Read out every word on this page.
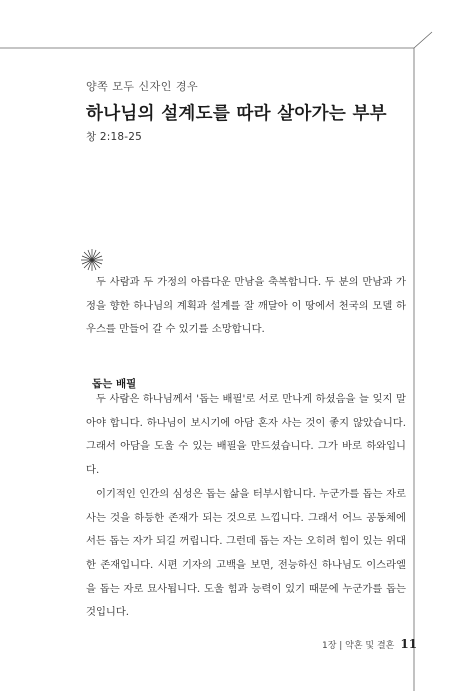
양쪽 모두 신자인 경우
하나님의 설계도를 따라 살아가는 부부
창 2:18-25

두 사람과 두 가정의 아름다운 만남을 축복합니다. 두 분의 만남과 가정을 향한 하나님의 계획과 설계를 잘 깨달아 이 땅에서 천국의 모델 하우스를 만들어 갈 수 있기를 소망합니다.

돕는 배필

두 사람은 하나님께서 '돕는 배필'로 서로 만나게 하셨음을 늘 잊지 말아야 합니다. 하나님이 보시기에 아담 혼자 사는 것이 좋지 않았습니다. 그래서 아담을 도울 수 있는 배필을 만드셨습니다. 그가 바로 하와입니다.

이기적인 인간의 심성은 돕는 삶을 터부시합니다. 누군가를 돕는 자로 사는 것을 하등한 존재가 되는 것으로 느낍니다. 그래서 어느 공동체에서든 돕는 자가 되길 꺼립니다. 그런데 돕는 자는 오히려 힘이 있는 위대한 존재입니다. 시편 기자의 고백을 보면, 전능하신 하나님도 이스라엘을 돕는 자로 묘사됩니다. 도울 힘과 능력이 있기 때문에 누군가를 돕는 것입니다.

1장 | 약혼 및 결혼 11
